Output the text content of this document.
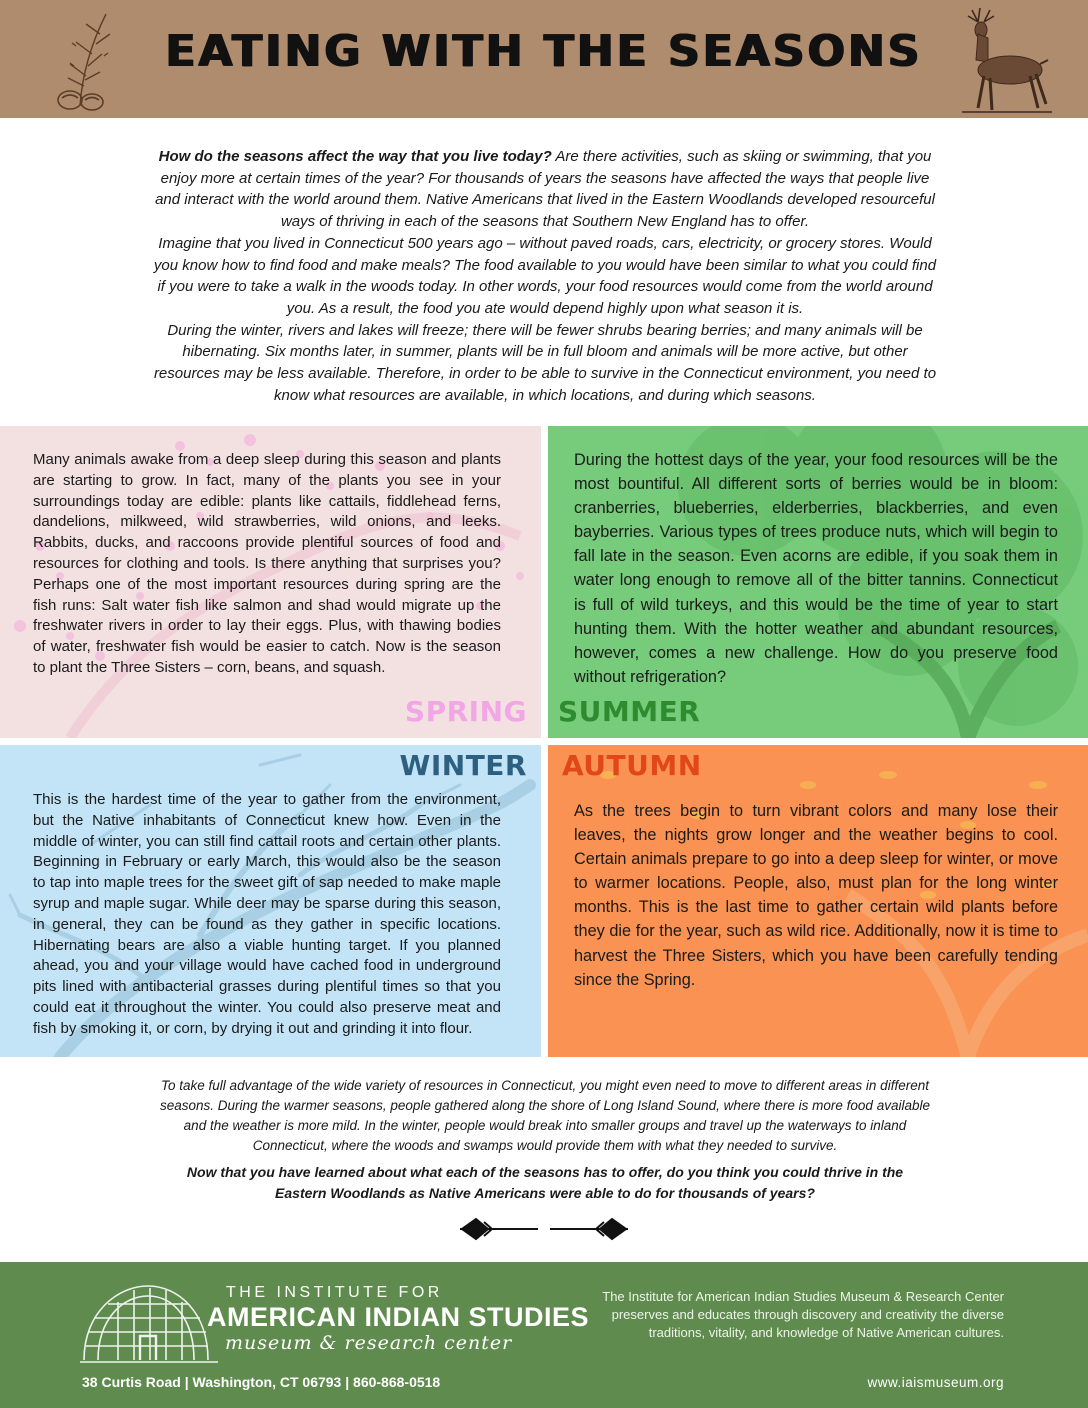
EATING WITH THE SEASONS

How do the seasons affect the way that you live today? Are there activities, such as skiing or swimming, that you enjoy more at certain times of the year? For thousands of years the seasons have affected the ways that people live and interact with the world around them. Native Americans that lived in the Eastern Woodlands developed resourceful ways of thriving in each of the seasons that Southern New England has to offer.

Imagine that you lived in Connecticut 500 years ago – without paved roads, cars, electricity, or grocery stores. Would you know how to find food and make meals? The food available to you would have been similar to what you could find if you were to take a walk in the woods today. In other words, your food resources would come from the world around you. As a result, the food you ate would depend highly upon what season it is.

During the winter, rivers and lakes will freeze; there will be fewer shrubs bearing berries; and many animals will be hibernating. Six months later, in summer, plants will be in full bloom and animals will be more active, but other resources may be less available. Therefore, in order to be able to survive in the Connecticut environment, you need to know what resources are available, in which locations, and during which seasons.

Many animals awake from a deep sleep during this season and plants are starting to grow. In fact, many of the plants you see in your surroundings today are edible: plants like cattails, fiddlehead ferns, dandelions, milkweed, wild strawberries, wild onions, and leeks. Rabbits, ducks, and raccoons provide plentiful sources of food and resources for clothing and tools. Is there anything that surprises you? Perhaps one of the most important resources during spring are the fish runs: Salt water fish like salmon and shad would migrate up the freshwater rivers in order to lay their eggs. Plus, with thawing bodies of water, freshwater fish would be easier to catch. Now is the season to plant the Three Sisters – corn, beans, and squash.
SPRING
During the hottest days of the year, your food resources will be the most bountiful. All different sorts of berries would be in bloom: cranberries, blueberries, elderberries, blackberries, and even bayberries. Various types of trees produce nuts, which will begin to fall late in the season. Even acorns are edible, if you soak them in water long enough to remove all of the bitter tannins. Connecticut is full of wild turkeys, and this would be the time of year to start hunting them. With the hotter weather and abundant resources, however, comes a new challenge. How do you preserve food without refrigeration?
SUMMER
WINTER
This is the hardest time of the year to gather from the environment, but the Native inhabitants of Connecticut knew how. Even in the middle of winter, you can still find cattail roots and certain other plants. Beginning in February or early March, this would also be the season to tap into maple trees for the sweet gift of sap needed to make maple syrup and maple sugar. While deer may be sparse during this season, in general, they can be found as they gather in specific locations. Hibernating bears are also a viable hunting target. If you planned ahead, you and your village would have cached food in underground pits lined with antibacterial grasses during plentiful times so that you could eat it throughout the winter. You could also preserve meat and fish by smoking it, or corn, by drying it out and grinding it into flour.
AUTUMN
As the trees begin to turn vibrant colors and many lose their leaves, the nights grow longer and the weather begins to cool. Certain animals prepare to go into a deep sleep for winter, or move to warmer locations. People, also, must plan for the long winter months. This is the last time to gather certain wild plants before they die for the year, such as wild rice. Additionally, now it is time to harvest the Three Sisters, which you have been carefully tending since the Spring.

To take full advantage of the wide variety of resources in Connecticut, you might even need to move to different areas in different seasons. During the warmer seasons, people gathered along the shore of Long Island Sound, where there is more food available and the weather is more mild. In the winter, people would break into smaller groups and travel up the waterways to inland Connecticut, where the woods and swamps would provide them with what they needed to survive.

Now that you have learned about what each of the seasons has to offer, do you think you could thrive in the Eastern Woodlands as Native Americans were able to do for thousands of years?
THE INSTITUTE FOR
AMERICAN INDIAN STUDIES
museum & research center
38 Curtis Road | Washington, CT 06793 | 860-868-0518
The Institute for American Indian Studies Museum & Research Center preserves and educates through discovery and creativity the diverse traditions, vitality, and knowledge of Native American cultures.
www.iaismuseum.org
